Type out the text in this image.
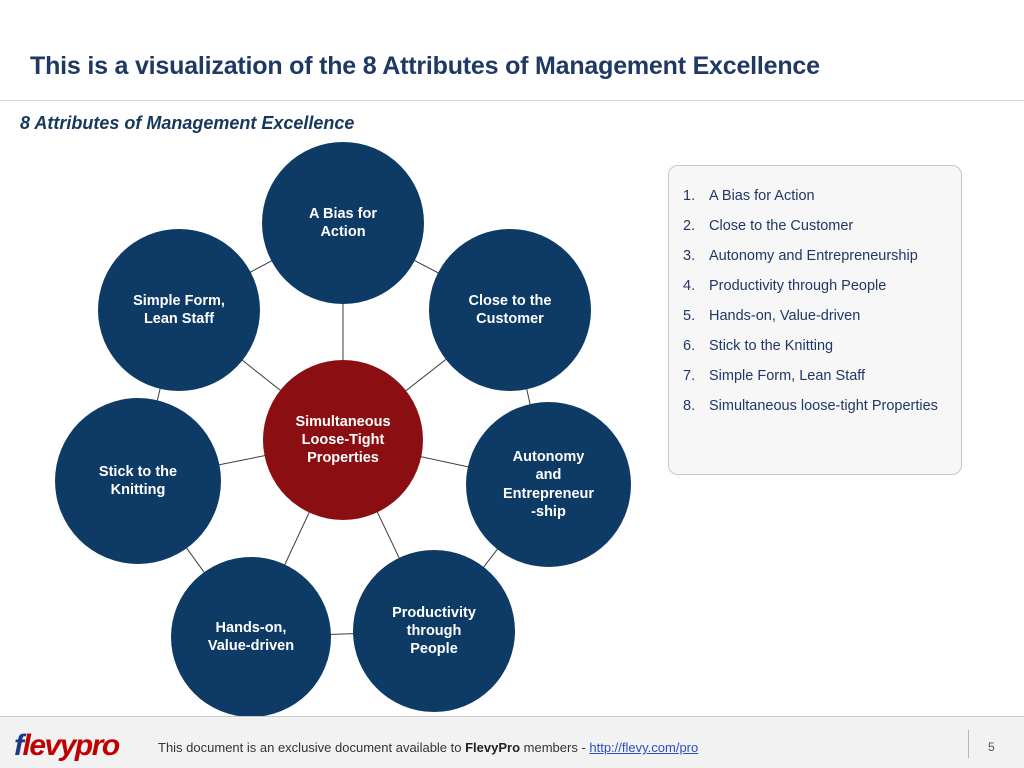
This is a visualization of the 8 Attributes of Management Excellence
8 Attributes of Management Excellence
A Bias for
Action
Close to the
Customer
Autonomy
and
Entrepreneur
-ship
Productivity
through
People
Hands-on,
Value-driven
Stick to the
Knitting
Simple Form,
Lean Staff
Simultaneous
Loose-Tight
Properties
1. A Bias for Action
2. Close to the Customer
3. Autonomy and Entrepreneurship
4. Productivity through People
5. Hands-on, Value-driven
6. Stick to the Knitting
7. Simple Form, Lean Staff
8. Simultaneous loose-tight Properties
flevypro	This document is an exclusive document available to FlevyPro members - http://flevy.com/pro	5
